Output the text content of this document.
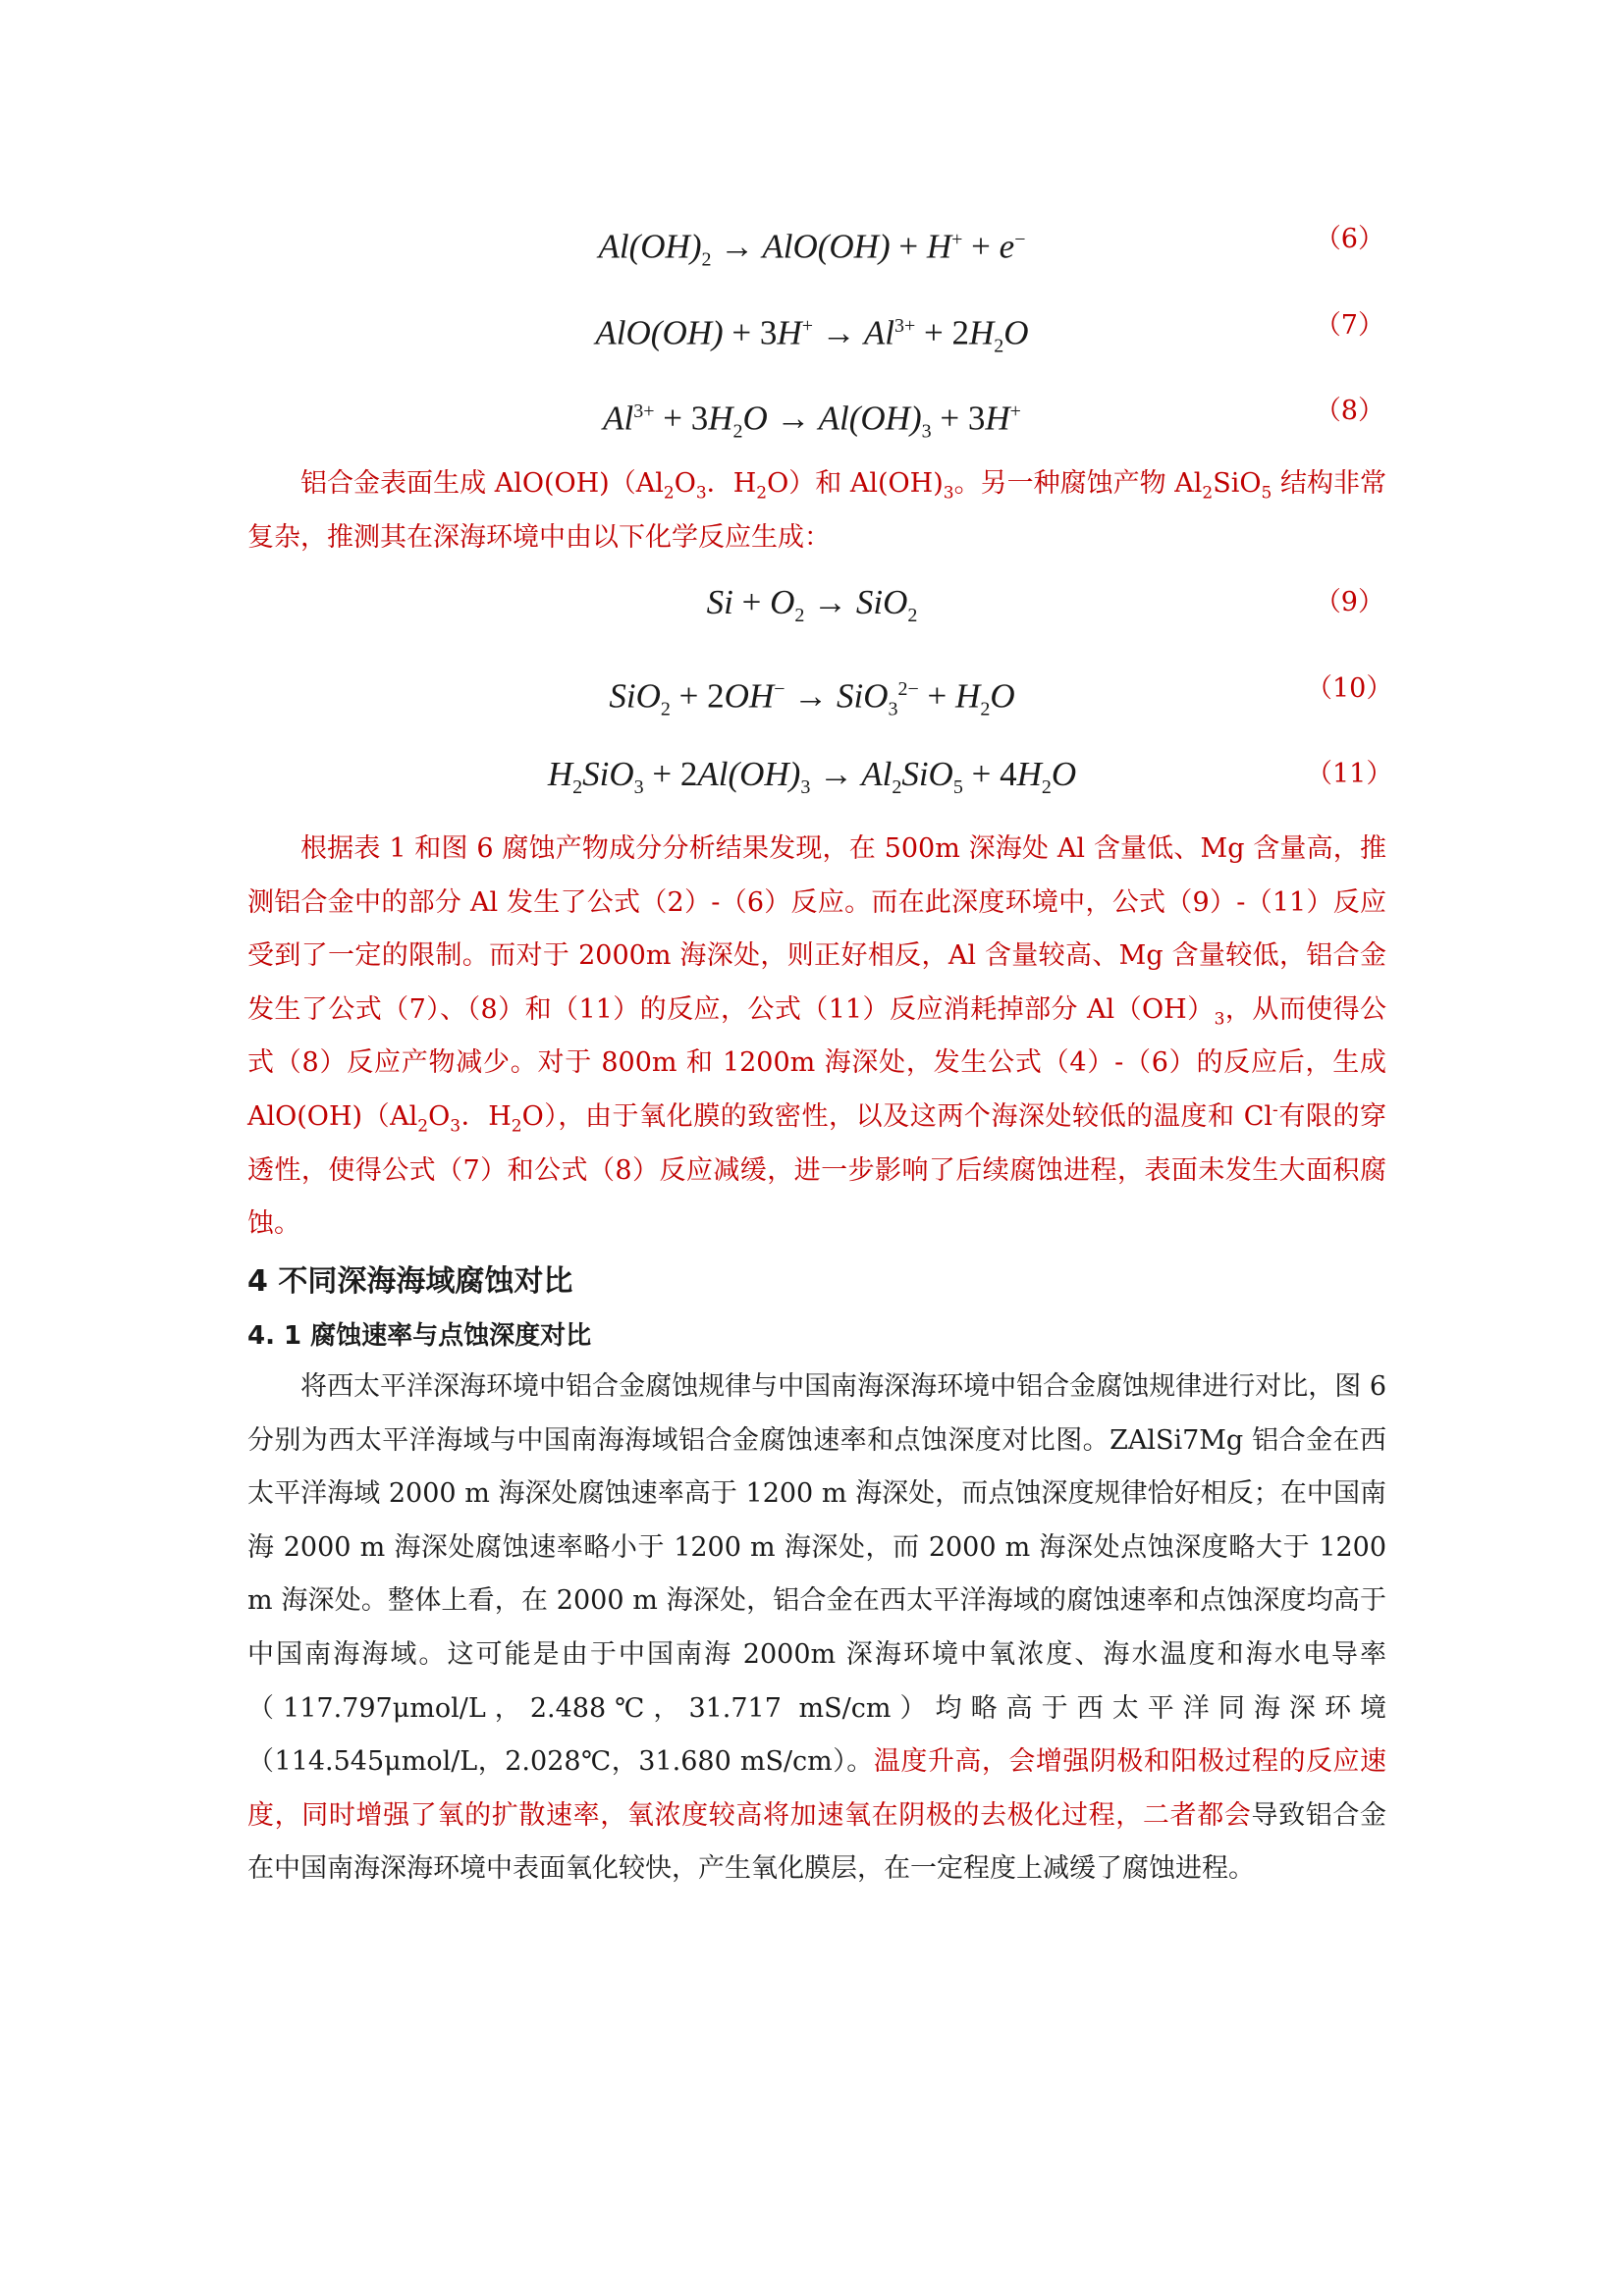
$Al(OH)_2 \to AlO(OH) + H^+ + e^-$	（6）
$AlO(OH) + 3H^+ \to Al^{3+} + 2H_2O$	（7）
$Al^{3+} + 3H_2O \to Al(OH)_3 + 3H^+$	（8）
铝合金表面生成 $AlO(OH)(Al_2O_3$．$H_2O$）和 $Al(OH)_3$。另一种腐蚀产物 $Al_2SiO_5$ 结构非常复杂，推测其在深海环境中由以下化学反应生成：
$Si + O_2 \to SiO_2$	（9）
$SiO_2 + 2OH^- \to SiO_3^{2-} + H_2O$	（10）
$H_2SiO_3 + 2Al(OH)_3 \to Al_2SiO_5 + 4H_2O$	（11）
根据表 1 和图 6 腐蚀产物成分分析结果发现，在 500m 深海处 Al 含量低、Mg 含量高，推测铝合金中的部分 Al 发生了公式（2）-（6）反应。而在此深度环境中，公式（9）-（11）反应受到了一定的限制。而对于 2000m 海深处，则正好相反，Al 含量较高、Mg 含量较低，铝合金发生了公式（7）、（8）和（11）的反应，公式（11）反应消耗掉部分 $Al(OH)_3$，从而使得公式（8）反应产物减少。对于 800m 和 1200m 海深处，发生公式（4）-（6）的反应后，生成 $AlO(OH)(Al_2O_3$．$H_2O$），由于氧化膜的致密性，以及这两个海深处较低的温度和 Cl-有限的穿透性，使得公式（7）和公式（8）反应减缓，进一步影响了后续腐蚀进程，表面未发生大面积腐蚀。
4 不同深海海域腐蚀对比
4. 1 腐蚀速率与点蚀深度对比
将西太平洋深海环境中铝合金腐蚀规律与中国南海深海环境中铝合金腐蚀规律进行对比，图 6 分别为西太平洋海域与中国南海海域铝合金腐蚀速率和点蚀深度对比图。ZAlSi7Mg 铝合金在西太平洋海域 2000 m 海深处腐蚀速率高于 1200 m 海深处，而点蚀深度规律恰好相反；在中国南海 2000 m 海深处腐蚀速率略小于 1200 m 海深处，而 2000 m 海深处点蚀深度略大于 1200 m 海深处。整体上看，在 2000 m 海深处，铝合金在西太平洋海域的腐蚀速率和点蚀深度均高于中国南海海域。这可能是由于中国南海 2000m 深海环境中氧浓度、海水温度和海水电导率（117.797μmol/L，2.488℃，31.717 mS/cm）均略高于西太平洋同海深环境（114.545μmol/L，2.028℃，31.680 mS/cm）。温度升高，会增强阴极和阳极过程的反应速度，同时增强了氧的扩散速率，氧浓度较高将加速氧在阴极的去极化过程，二者都会导致铝合金在中国南海深海环境中表面氧化较快，产生氧化膜层，在一定程度上减缓了腐蚀进程。
